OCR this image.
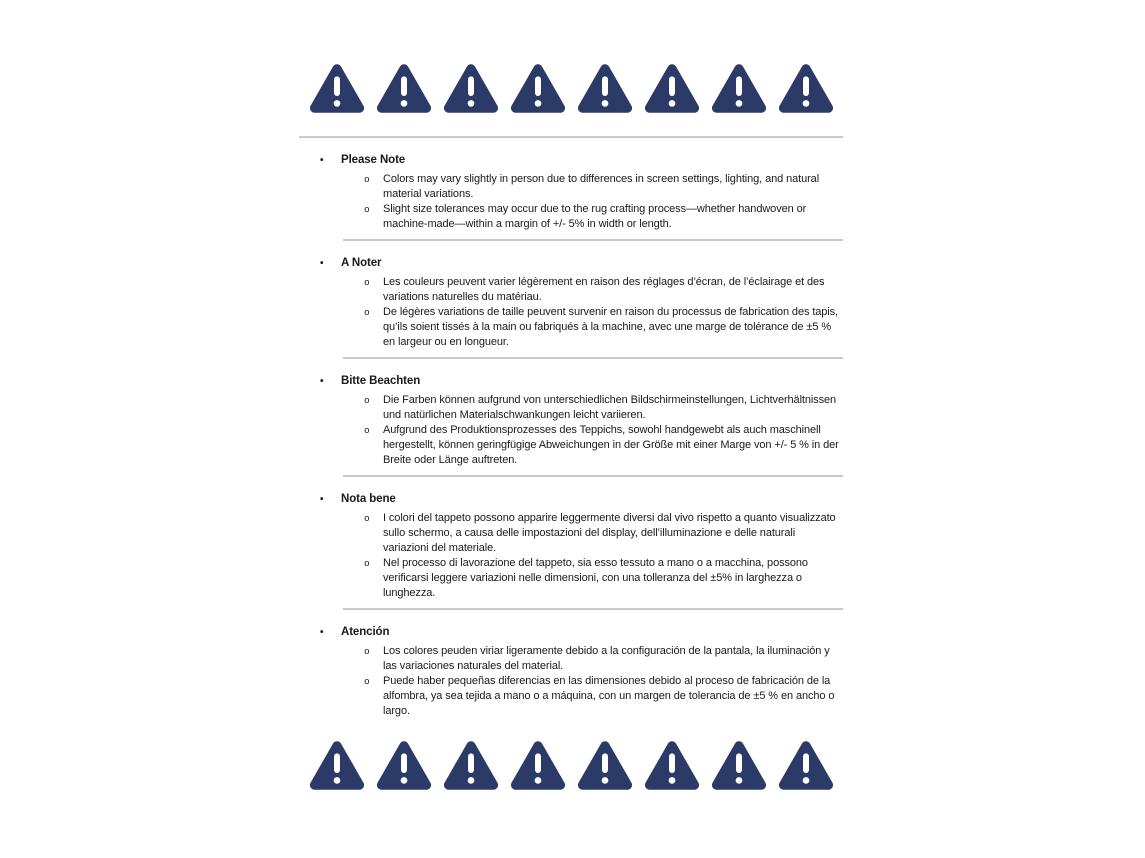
•	Please Note
o	Colors may vary slightly in person due to differences in screen settings, lighting, and natural material variations.
o	Slight size tolerances may occur due to the rug crafting process—whether handwoven or machine-made—within a margin of +/- 5% in width or length.
•	A Noter
o	Les couleurs peuvent varier légèrement en raison des réglages d’écran, de l’éclairage et des variations naturelles du matériau.
o	De légères variations de taille peuvent survenir en raison du processus de fabrication des tapis, qu’ils soient tissés à la main ou fabriqués à la machine, avec une marge de tolérance de ±5 % en largeur ou en longueur.
•	Bitte Beachten
o	Die Farben können aufgrund von unterschiedlichen Bildschirmeinstellungen, Lichtverhältnissen und natürlichen Materialschwankungen leicht variieren.
o	Aufgrund des Produktionsprozesses des Teppichs, sowohl handgewebt als auch maschinell hergestellt, können geringfügige Abweichungen in der Größe mit einer Marge von +/- 5 % in der Breite oder Länge auftreten.
•	Nota bene
o	I colori del tappeto possono apparire leggermente diversi dal vivo rispetto a quanto visualizzato sullo schermo, a causa delle impostazioni del display, dell’illuminazione e delle naturali variazioni del materiale.
o	Nel processo di lavorazione del tappeto, sia esso tessuto a mano o a macchina, possono verificarsi leggere variazioni nelle dimensioni, con una tolleranza del ±5% in larghezza o lunghezza.
•	Atención
o	Los colores peuden viriar ligeramente debido a la configuración de la pantala, la iluminación y las variaciones naturales del material.
o	Puede haber pequeñas diferencias en las dimensiones debido al proceso de fabricación de la alfombra, ya sea tejida a mano o a máquina, con un margen de tolerancia de ±5 % en ancho o largo.
